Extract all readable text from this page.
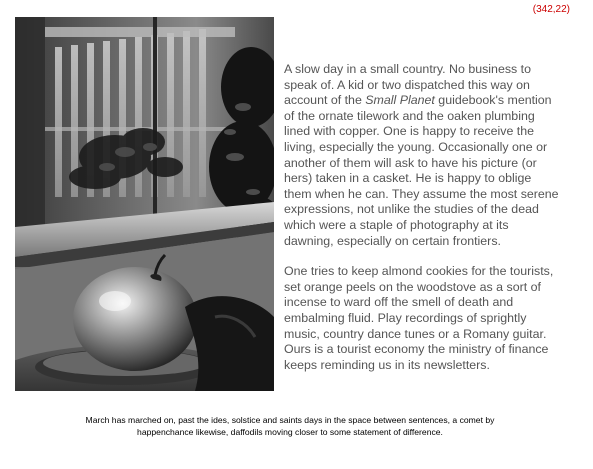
(342,22)

A slow day in a small country. No business to speak of. A kid or two dispatched this way on account of the Small Planet guidebook's mention of the ornate tilework and the oaken plumbing lined with copper. One is happy to receive the living, especially the young. Occasionally one or another of them will ask to have his picture (or hers) taken in a casket. He is happy to oblige them when he can. They assume the most serene expressions, not unlike the studies of the dead which were a staple of photography at its dawning, especially on certain frontiers.

One tries to keep almond cookies for the tourists, set orange peels on the woodstove as a sort of incense to ward off the smell of death and embalming fluid. Play recordings of sprightly music, country dance tunes or a Romany guitar. Ours is a tourist economy the ministry of finance keeps reminding us in its newsletters.

March has marched on, past the ides, solstice and saints days in the space between sentences, a comet by
happenchance likewise, daffodils moving closer to some statement of difference.
